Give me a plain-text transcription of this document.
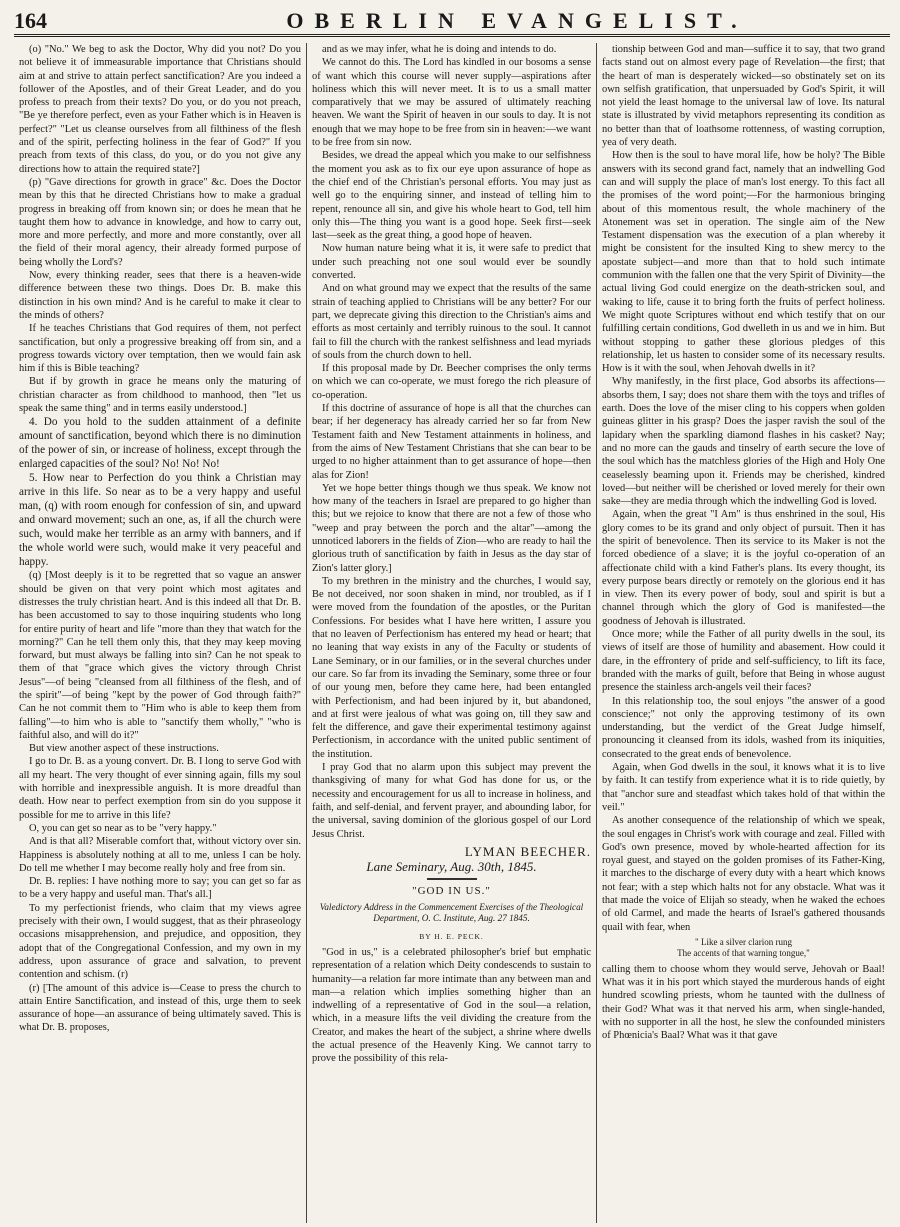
164	OBERLIN EVANGELIST.

(o) "No." We beg to ask the Doctor, Why did you not? Do you not believe it of immeasurable importance that Christians should aim at and strive to attain perfect sanctification? Are you indeed a follower of the Apostles, and of their Great Leader, and do you profess to preach from their texts? Do you, or do you not preach, "Be ye therefore perfect, even as your Father which is in Heaven is perfect?" "Let us cleanse ourselves from all filthiness of the flesh and of the spirit, perfecting holiness in the fear of God?" If you preach from texts of this class, do you, or do you not give any directions how to attain the required state?]

(p) "Gave directions for growth in grace" &c. Does the Doctor mean by this that he directed Christians how to make a gradual progress in breaking off from known sin; or does he mean that he taught them how to advance in knowledge, and how to carry out, more and more perfectly, and more and more constantly, over all the field of their moral agency, their already formed purpose of being wholly the Lord's?

Now, every thinking reader, sees that there is a heaven-wide difference between these two things. Does Dr. B. make this distinction in his own mind? And is he careful to make it clear to the minds of others?

If he teaches Christians that God requires of them, not perfect sanctification, but only a progressive breaking off from sin, and a progress towards victory over temptation, then we would fain ask him if this is Bible teaching?

But if by growth in grace he means only the maturing of christian character as from childhood to manhood, then "let us speak the same thing" and in terms easily understood.]

4. Do you hold to the sudden attainment of a definite amount of sanctification, beyond which there is no diminution of the power of sin, or increase of holiness, except through the enlarged capacities of the soul? No! No! No!

5. How near to Perfection do you think a Christian may arrive in this life. So near as to be a very happy and useful man, (q) with room enough for confession of sin, and upward and onward movement; such an one, as, if all the church were such, would make her terrible as an army with banners, and if the whole world were such, would make it very peaceful and happy.

(q) [Most deeply is it to be regretted that so vague an answer should be given on that very point which most agitates and distresses the truly christian heart. And is this indeed all that Dr. B. has been accustomed to say to those inquiring students who long for entire purity of heart and life "more than they that watch for the morning?" Can he tell them only this, that they may keep moving forward, but must always be falling into sin? Can he not speak to them of that "grace which gives the victory through Christ Jesus"—of being "cleansed from all filthiness of the flesh, and of the spirit"—of being "kept by the power of God through faith?" Can he not commit them to "Him who is able to keep them from falling"—to him who is able to "sanctify them wholly," "who is faithful also, and will do it?"

But view another aspect of these instructions.

I go to Dr. B. as a young convert. Dr. B. I long to serve God with all my heart. The very thought of ever sinning again, fills my soul with horrible and inexpressible anguish. It is more dreadful than death. How near to perfect exemption from sin do you suppose it possible for me to arrive in this life?

O, you can get so near as to be "very happy."

And is that all? Miserable comfort that, without victory over sin. Happiness is absolutely nothing at all to me, unless I can be holy. Do tell me whether I may become really holy and free from sin.

Dr. B. replies: I have nothing more to say; you can get so far as to be a very happy and useful man. That's all.]

To my perfectionist friends, who claim that my views agree precisely with their own, I would suggest, that as their phraseology occasions misapprehension, and prejudice, and opposition, they adopt that of the Congregational Confession, and my own in my address, upon assurance of grace and salvation, to prevent contention and schism. (r)

(r) [The amount of this advice is—Cease to press the church to attain Entire Sanctification, and instead of this, urge them to seek assurance of hope—an assurance of being ultimately saved. This is what Dr. B. proposes,

and as we may infer, what he is doing and intends to do.

We cannot do this. The Lord has kindled in our bosoms a sense of want which this course will never supply—aspirations after holiness which this will never meet. It is to us a small matter comparatively that we may be assured of ultimately reaching heaven. We want the Spirit of heaven in our souls to day. It is not enough that we may hope to be free from sin in heaven:—we want to be free from sin now.

Besides, we dread the appeal which you make to our selfishness the moment you ask as to fix our eye upon assurance of hope as the chief end of the Christian's personal efforts. You may just as well go to the enquiring sinner, and instead of telling him to repent, renounce all sin, and give his whole heart to God, tell him only this—The thing you want is a good hope. Seek first—seek last—seek as the great thing, a good hope of heaven.

Now human nature being what it is, it were safe to predict that under such preaching not one soul would ever be soundly converted.

And on what ground may we expect that the results of the same strain of teaching applied to Christians will be any better? For our part, we deprecate giving this direction to the Christian's aims and efforts as most certainly and terribly ruinous to the soul. It cannot fail to fill the church with the rankest selfishness and lead myriads of souls from the church down to hell.

If this proposal made by Dr. Beecher comprises the only terms on which we can co-operate, we must forego the rich pleasure of co-operation.

If this doctrine of assurance of hope is all that the churches can bear; if her degeneracy has already carried her so far from New Testament faith and New Testament attainments in holiness, and from the aims of New Testament Christians that she can bear to be urged to no higher attainment than to get assurance of hope—then alas for Zion!

Yet we hope better things though we thus speak. We know not how many of the teachers in Israel are prepared to go higher than this; but we rejoice to know that there are not a few of those who "weep and pray between the porch and the altar"—among the unnoticed laborers in the fields of Zion—who are ready to hail the glorious truth of sanctification by faith in Jesus as the day star of Zion's latter glory.]

To my brethren in the ministry and the churches, I would say, Be not deceived, nor soon shaken in mind, nor troubled, as if I were moved from the foundation of the apostles, or the Puritan Confessions. For besides what I have here written, I assure you that no leaven of Perfectionism has entered my head or heart; that no leaning that way exists in any of the Faculty or students of Lane Seminary, or in our families, or in the several churches under our care. So far from its invading the Seminary, some three or four of our young men, before they came here, had been entangled with Perfectionism, and had been injured by it, but abandoned, and at first were jealous of what was going on, till they saw and felt the difference, and gave their experimental testimony against Perfectionism, in accordance with the united public sentiment of the institution.

I pray God that no alarm upon this subject may prevent the thanksgiving of many for what God has done for us, or the necessity and encouragement for us all to increase in holiness, and faith, and self-denial, and fervent prayer, and abounding labor, for the universal, saving dominion of the glorious gospel of our Lord Jesus Christ.

LYMAN BEECHER.
Lane Seminary, Aug. 30th, 1845.
"GOD IN US."

Valedictory Address in the Commencement Exercises of the Theological Department, O. C. Institute, Aug. 27 1845.

BY H. E. PECK.

"God in us," is a celebrated philosopher's brief but emphatic representation of a relation which Deity condescends to sustain to humanity—a relation far more intimate than any between man and man—a relation which implies something higher than an indwelling of a representative of God in the soul—a relation, which, in a measure lifts the veil dividing the creature from the Creator, and makes the heart of the subject, a shrine where dwells the actual presence of the Heavenly King. We cannot tarry to prove the possibility of this rela-

tionship between God and man—suffice it to say, that two grand facts stand out on almost every page of Revelation—the first; that the heart of man is desperately wicked—so obstinately set on its own selfish gratification, that unpersuaded by God's Spirit, it will not yield the least homage to the universal law of love. Its natural state is illustrated by vivid metaphors representing its condition as no better than that of loathsome rottenness, of wasting corruption, yea of very death.

How then is the soul to have moral life, how be holy? The Bible answers with its second grand fact, namely that an indwelling God can and will supply the place of man's lost energy. To this fact all the promises of the word point;—For the harmonious bringing about of this momentous result, the whole machinery of the Atonement was set in operation. The single aim of the New Testament dispensation was the execution of a plan whereby it might be consistent for the insulted King to shew mercy to the apostate subject—and more than that to hold such intimate communion with the fallen one that the very Spirit of Divinity—the actual living God could energize on the death-stricken soul, and waking to life, cause it to bring forth the fruits of perfect holiness. We might quote Scriptures without end which testify that on our fulfilling certain conditions, God dwelleth in us and we in him. But without stopping to gather these glorious pledges of this relationship, let us hasten to consider some of its necessary results. How is it with the soul, when Jehovah dwells in it?

Why manifestly, in the first place, God absorbs its affections—absorbs them, I say; does not share them with the toys and trifles of earth. Does the love of the miser cling to his coppers when golden guineas glitter in his grasp? Does the jasper ravish the soul of the lapidary when the sparkling diamond flashes in his casket? Nay; and no more can the gauds and tinselry of earth secure the love of the soul which has the matchless glories of the High and Holy One ceaselessly beaming upon it. Friends may be cherished, kindred loved—but neither will be cherished or loved merely for their own sake—they are media through which the indwelling God is loved.

Again, when the great "I Am" is thus enshrined in the soul, His glory comes to be its grand and only object of pursuit. Then it has the spirit of benevolence. Then its service to its Maker is not the forced obedience of a slave; it is the joyful co-operation of an affectionate child with a kind Father's plans. Its every thought, its every purpose bears directly or remotely on the glorious end it has in view. Then its every power of body, soul and spirit is but a channel through which the glory of God is manifested—the goodness of Jehovah is illustrated.

Once more; while the Father of all purity dwells in the soul, its views of itself are those of humility and abasement. How could it dare, in the effrontery of pride and self-sufficiency, to lift its face, branded with the marks of guilt, before that Being in whose august presence the stainless arch-angels veil their faces?

In this relationship too, the soul enjoys "the answer of a good conscience;" not only the approving testimony of its own understanding, but the verdict of the Great Judge himself, pronouncing it cleansed from its idols, washed from its iniquities, consecrated to the great ends of benevolence.

Again, when God dwells in the soul, it knows what it is to live by faith. It can testify from experience what it is to ride quietly, by that "anchor sure and steadfast which takes hold of that within the veil."

As another consequence of the relationship of which we speak, the soul engages in Christ's work with courage and zeal. Filled with God's own presence, moved by whole-hearted affection for its royal guest, and stayed on the golden promises of its Father-King, it marches to the discharge of every duty with a heart which knows not fear; with a step which halts not for any obstacle. What was it that made the voice of Elijah so steady, when he waked the echoes of old Carmel, and made the hearts of Israel's gathered thousands quail with fear, when

" Like a silver clarion rung
The accents of that warning tongue,"

calling them to choose whom they would serve, Jehovah or Baal! What was it in his port which stayed the murderous hands of eight hundred scowling priests, whom he taunted with the dullness of their God? What was it that nerved his arm, when single-handed, with no supporter in all the host, he slew the confounded ministers of Phœnicia's Baal? What was it that gave
